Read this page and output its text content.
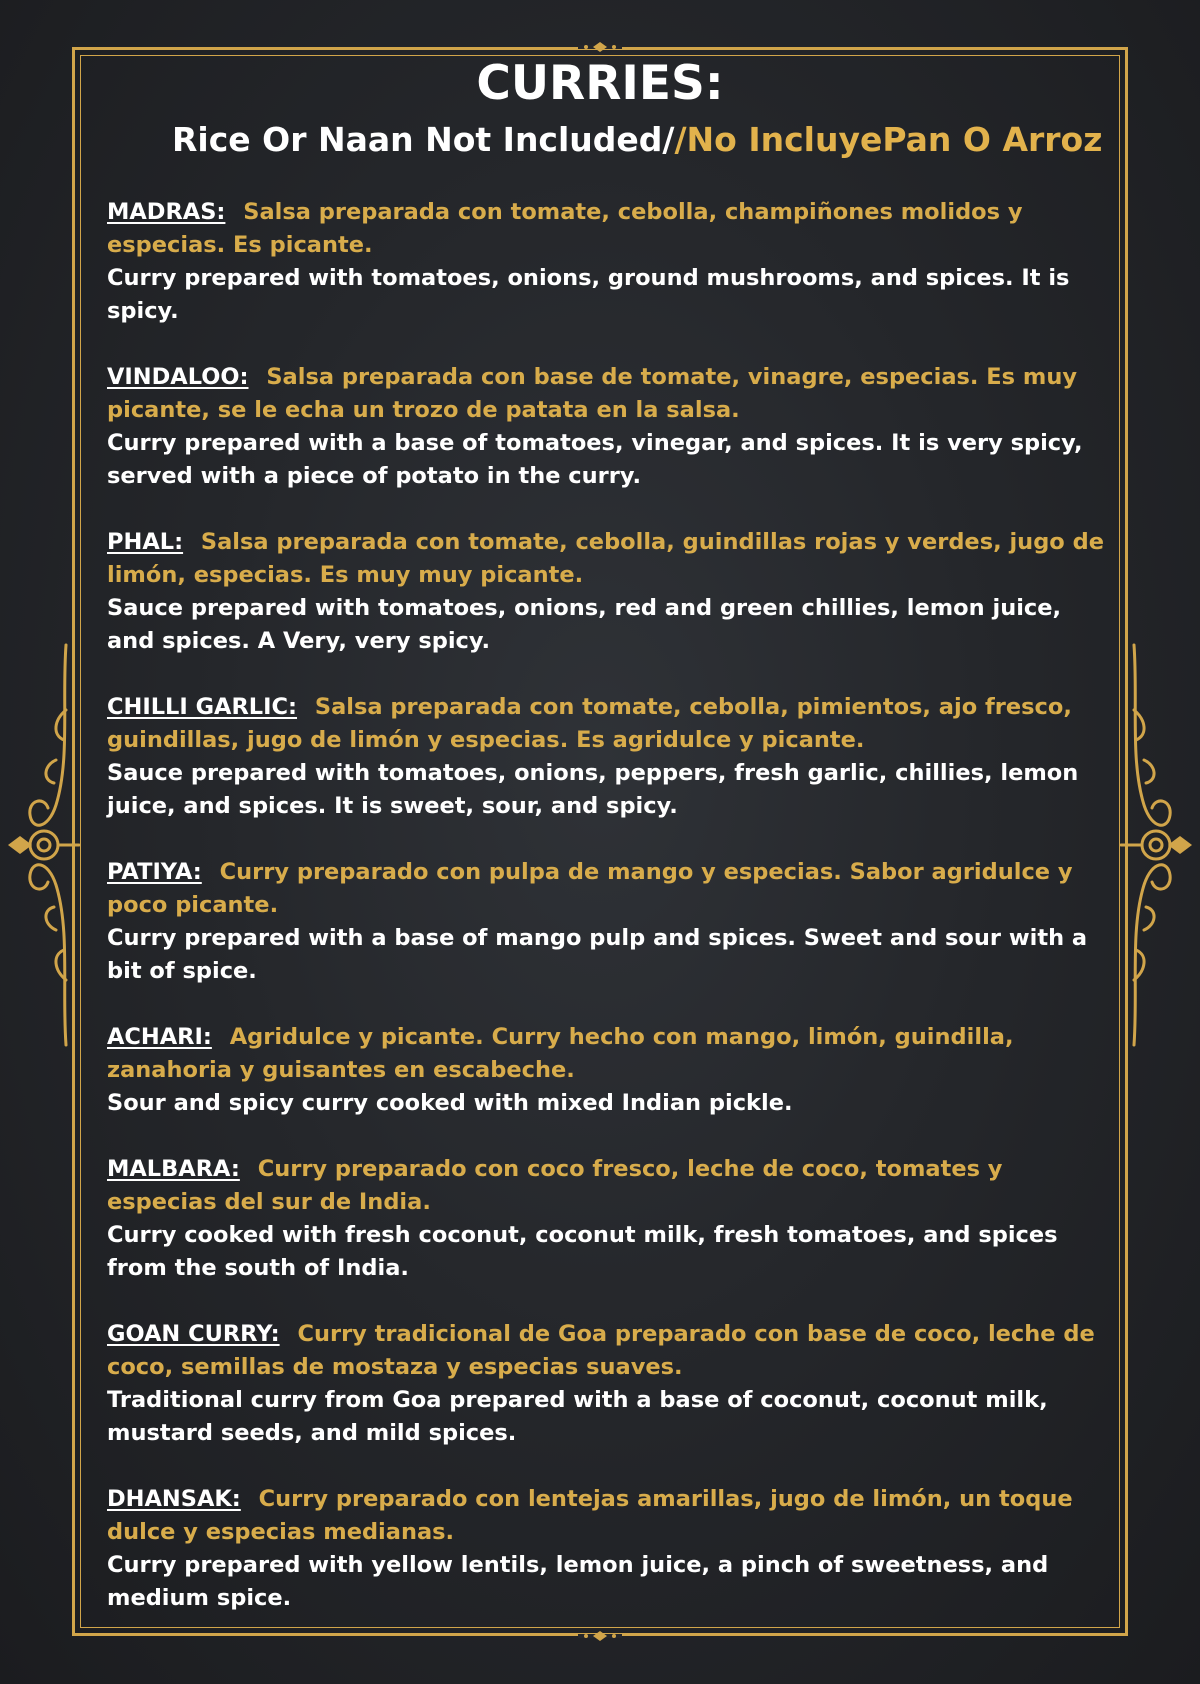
CURRIES:
Rice Or Naan Not Included//No IncluyePan O Arroz
MADRAS: Salsa preparada con tomate, cebolla, champiñones molidos y especias. Es picante.
Curry prepared with tomatoes, onions, ground mushrooms, and spices. It is spicy.
VINDALOO: Salsa preparada con base de tomate, vinagre, especias. Es muy picante, se le echa un trozo de patata en la salsa.
Curry prepared with a base of tomatoes, vinegar, and spices. It is very spicy, served with a piece of potato in the curry.
PHAL: Salsa preparada con tomate, cebolla, guindillas rojas y verdes, jugo de limón, especias. Es muy muy picante.
Sauce prepared with tomatoes, onions, red and green chillies, lemon juice, and spices. A Very, very spicy.
CHILLI GARLIC: Salsa preparada con tomate, cebolla, pimientos, ajo fresco, guindillas, jugo de limón y especias. Es agridulce y picante.
Sauce prepared with tomatoes, onions, peppers, fresh garlic, chillies, lemon juice, and spices. It is sweet, sour, and spicy.
PATIYA: Curry preparado con pulpa de mango y especias. Sabor agridulce y poco picante.
Curry prepared with a base of mango pulp and spices. Sweet and sour with a bit of spice.
ACHARI: Agridulce y picante. Curry hecho con mango, limón, guindilla, zanahoria y guisantes en escabeche.
Sour and spicy curry cooked with mixed Indian pickle.
MALBARA: Curry preparado con coco fresco, leche de coco, tomates y especias del sur de India.
Curry cooked with fresh coconut, coconut milk, fresh tomatoes, and spices from the south of India.
GOAN CURRY: Curry tradicional de Goa preparado con base de coco, leche de coco, semillas de mostaza y especias suaves.
Traditional curry from Goa prepared with a base of coconut, coconut milk, mustard seeds, and mild spices.
DHANSAK: Curry preparado con lentejas amarillas, jugo de limón, un toque dulce y especias medianas.
Curry prepared with yellow lentils, lemon juice, a pinch of sweetness, and medium spice.
